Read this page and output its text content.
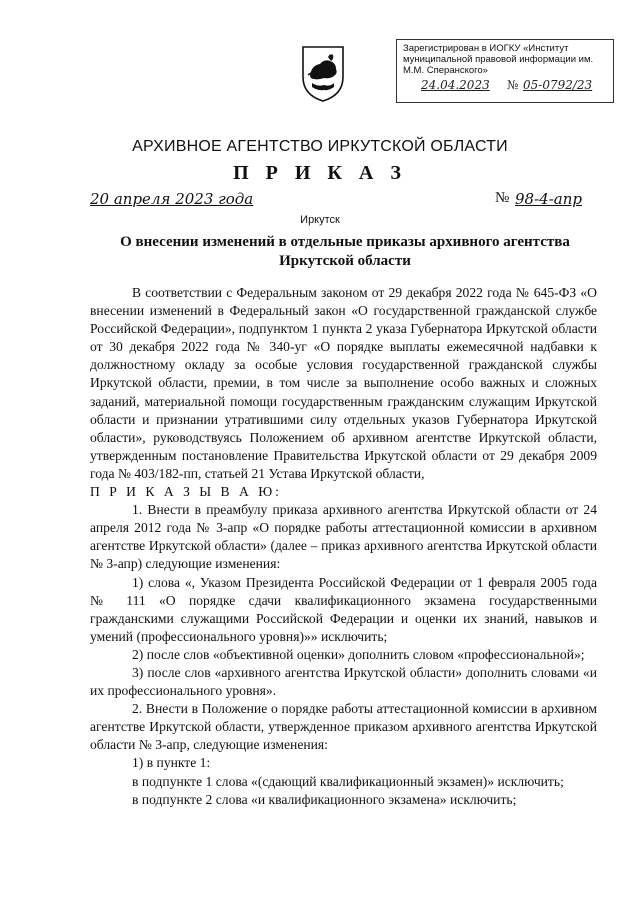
Зарегистрирован в ИОГКУ «Институт
муниципальной правовой информации им.
М.М. Сперанского»
24.04.2023 № 05-0792/23
АРХИВНОЕ АГЕНТСТВО ИРКУТСКОЙ ОБЛАСТИ
П Р И К А З
20 апреля 2023 года	№ 98-4-апр
Иркутск
О внесении изменений в отдельные приказы архивного агентства Иркутской области

В соответствии с Федеральным законом от 29 декабря 2022 года № 645-ФЗ «О внесении изменений в Федеральный закон «О государственной гражданской службе Российской Федерации», подпунктом 1 пункта 2 указа Губернатора Иркутской области от 30 декабря 2022 года № 340-уг «О порядке выплаты ежемесячной надбавки к должностному окладу за особые условия государственной гражданской службы Иркутской области, премии, в том числе за выполнение особо важных и сложных заданий, материальной помощи государственным гражданским служащим Иркутской области и признании утратившими силу отдельных указов Губернатора Иркутской области», руководствуясь Положением об архивном агентстве Иркутской области, утвержденным постановление Правительства Иркутской области от 29 декабря 2009 года № 403/182-пп, статьей 21 Устава Иркутской области,

П Р И К А З Ы В А Ю:

1. Внести в преамбулу приказа архивного агентства Иркутской области от 24 апреля 2012 года № 3-апр «О порядке работы аттестационной комиссии в архивном агентстве Иркутской области» (далее – приказ архивного агентства Иркутской области № 3-апр) следующие изменения:

1) слова «, Указом Президента Российской Федерации от 1 февраля 2005 года № 111 «О порядке сдачи квалификационного экзамена государственными гражданскими служащими Российской Федерации и оценки их знаний, навыков и умений (профессионального уровня)»» исключить;

2) после слов «объективной оценки» дополнить словом «профессиональной»;

3) после слов «архивного агентства Иркутской области» дополнить словами «и их профессионального уровня».

2. Внести в Положение о порядке работы аттестационной комиссии в архивном агентстве Иркутской области, утвержденное приказом архивного агентства Иркутской области № 3-апр, следующие изменения:

1) в пункте 1:

в подпункте 1 слова «(сдающий квалификационный экзамен)» исключить;

в подпункте 2 слова «и квалификационного экзамена» исключить;
